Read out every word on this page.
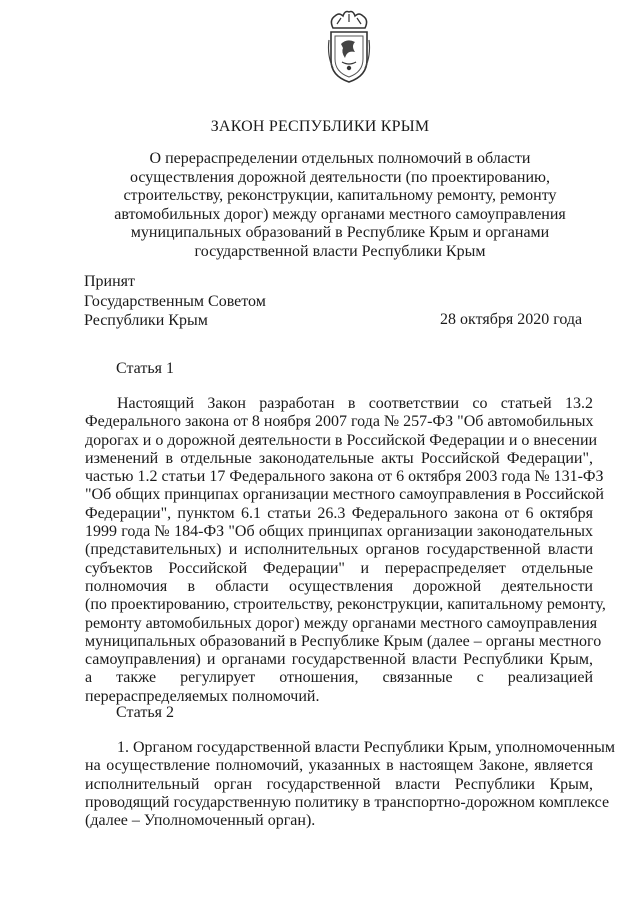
ЗАКОН РЕСПУБЛИКИ КРЫМ
О перераспределении отдельных полномочий в области
осуществления дорожной деятельности (по проектированию,
строительству, реконструкции, капитальному ремонту, ремонту
автомобильных дорог) между органами местного самоуправления
муниципальных образований в Республике Крым и органами
государственной власти Республики Крым
Принят
Государственным Советом
Республики Крым	28 октября 2020 года
Статья 1
Настоящий Закон разработан в соответствии со статьей 13.2
Федерального закона от 8 ноября 2007 года № 257-ФЗ "Об автомобильных
дорогах и о дорожной деятельности в Российской Федерации и о внесении
изменений в отдельные законодательные акты Российской Федерации",
частью 1.2 статьи 17 Федерального закона от 6 октября 2003 года № 131-ФЗ
"Об общих принципах организации местного самоуправления в Российской
Федерации", пунктом 6.1 статьи 26.3 Федерального закона от 6 октября
1999 года № 184-ФЗ "Об общих принципах организации законодательных
(представительных) и исполнительных органов государственной власти
субъектов Российской Федерации" и перераспределяет отдельные
полномочия в области осуществления дорожной деятельности
(по проектированию, строительству, реконструкции, капитальному ремонту,
ремонту автомобильных дорог) между органами местного самоуправления
муниципальных образований в Республике Крым (далее – органы местного
самоуправления) и органами государственной власти Республики Крым,
а также регулирует отношения, связанные с реализацией
перераспределяемых полномочий.
Статья 2
1. Органом государственной власти Республики Крым, уполномоченным
на осуществление полномочий, указанных в настоящем Законе, является
исполнительный орган государственной власти Республики Крым,
проводящий государственную политику в транспортно-дорожном комплексе
(далее – Уполномоченный орган).
